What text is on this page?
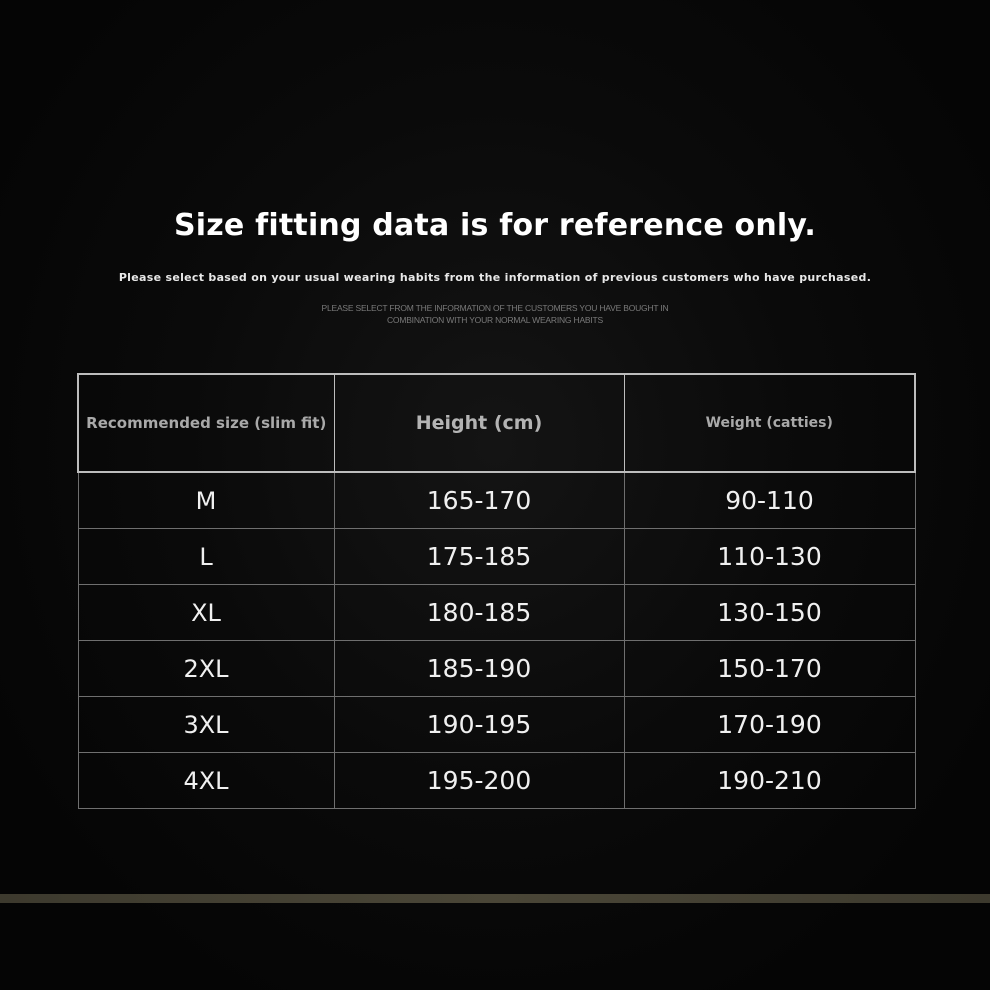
Size fitting data is for reference only.
Please select based on your usual wearing habits from the information of previous customers who have purchased.
PLEASE SELECT FROM THE INFORMATION OF THE CUSTOMERS YOU HAVE BOUGHT IN COMBINATION WITH YOUR NORMAL WEARING HABITS
Recommended size (slim fit)	Height (cm)	Weight (catties)
M	165-170	90-110
L	175-185	110-130
XL	180-185	130-150
2XL	185-190	150-170
3XL	190-195	170-190
4XL	195-200	190-210
